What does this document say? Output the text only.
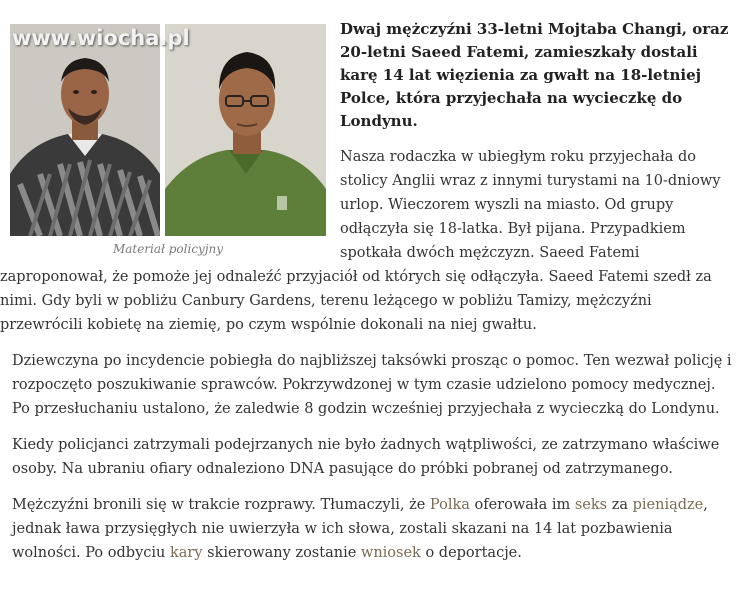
www.wiocha.pl
Materiał policyjny

Dwaj mężczyźni 33-letni Mojtaba Changi, oraz 20-letni Saeed Fatemi, zamieszkały dostali karę 14 lat więzienia za gwałt na 18-letniej Polce, która przyjechała na wycieczkę do Londynu.

Nasza rodaczka w ubiegłym roku przyjechała do stolicy Anglii wraz z innymi turystami na 10-dniowy urlop. Wieczorem wyszli na miasto. Od grupy odłączyła się 18-latka. Był pijana. Przypadkiem spotkała dwóch mężczyzn. Saeed Fatemi zaproponował, że pomoże jej odnaleźć przyjaciół od których się odłączyła. Saeed Fatemi szedł za nimi. Gdy byli w pobliżu Canbury Gardens, terenu leżącego w pobliżu Tamizy, mężczyźni przewrócili kobietę na ziemię, po czym wspólnie dokonali na niej gwałtu.

Dziewczyna po incydencie pobiegła do najbliższej taksówki prosząc o pomoc. Ten wezwał policję i rozpoczęto poszukiwanie sprawców. Pokrzywdzonej w tym czasie udzielono pomocy medycznej. Po przesłuchaniu ustalono, że zaledwie 8 godzin wcześniej przyjechała z wycieczką do Londynu.

Kiedy policjanci zatrzymali podejrzanych nie było żadnych wątpliwości, ze zatrzymano właściwe osoby. Na ubraniu ofiary odnaleziono DNA pasujące do próbki pobranej od zatrzymanego.

Mężczyźni bronili się w trakcie rozprawy. Tłumaczyli, że Polka oferowała im seks za pieniądze, jednak ława przysięgłych nie uwierzyła w ich słowa, zostali skazani na 14 lat pozbawienia wolności. Po odbyciu kary skierowany zostanie wniosek o deportacje.
